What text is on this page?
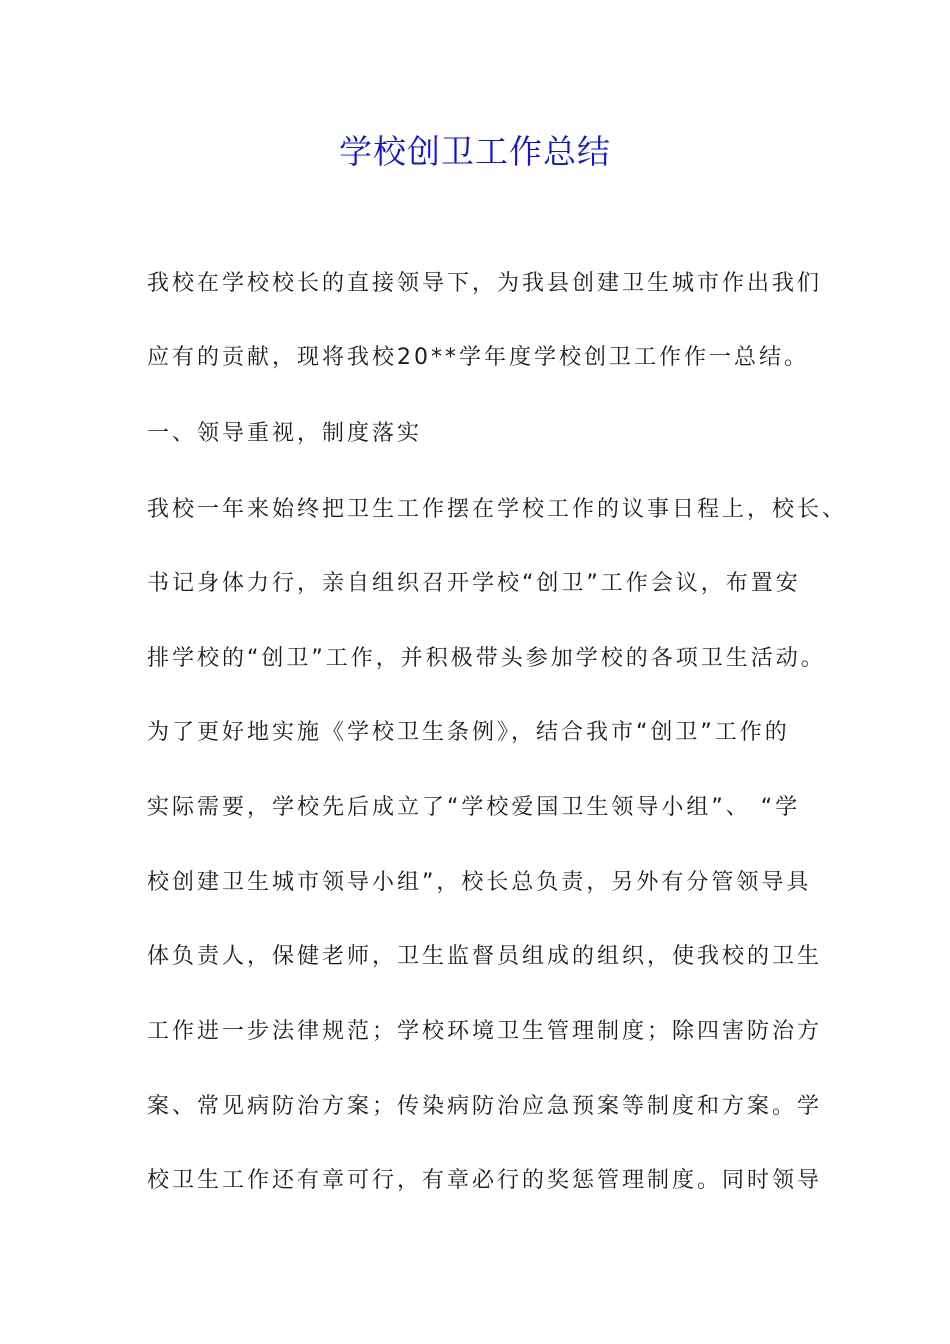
学校创卫工作总结
我校在学校校长的直接领导下，为我县创建卫生城市作出我们
应有的贡献，现将我校20**学年度学校创卫工作作一总结。
一、领导重视，制度落实
我校一年来始终把卫生工作摆在学校工作的议事日程上，校长、
书记身体力行，亲自组织召开学校“创卫”工作会议，布置安
排学校的“创卫”工作，并积极带头参加学校的各项卫生活动。
为了更好地实施《学校卫生条例》，结合我市“创卫”工作的
实际需要，学校先后成立了“学校爱国卫生领导小组”、 “学
校创建卫生城市领导小组”，校长总负责，另外有分管领导具
体负责人，保健老师，卫生监督员组成的组织，使我校的卫生
工作进一步法律规范；学校环境卫生管理制度；除四害防治方
案、常见病防治方案；传染病防治应急预案等制度和方案。学
校卫生工作还有章可行，有章必行的奖惩管理制度。同时领导
